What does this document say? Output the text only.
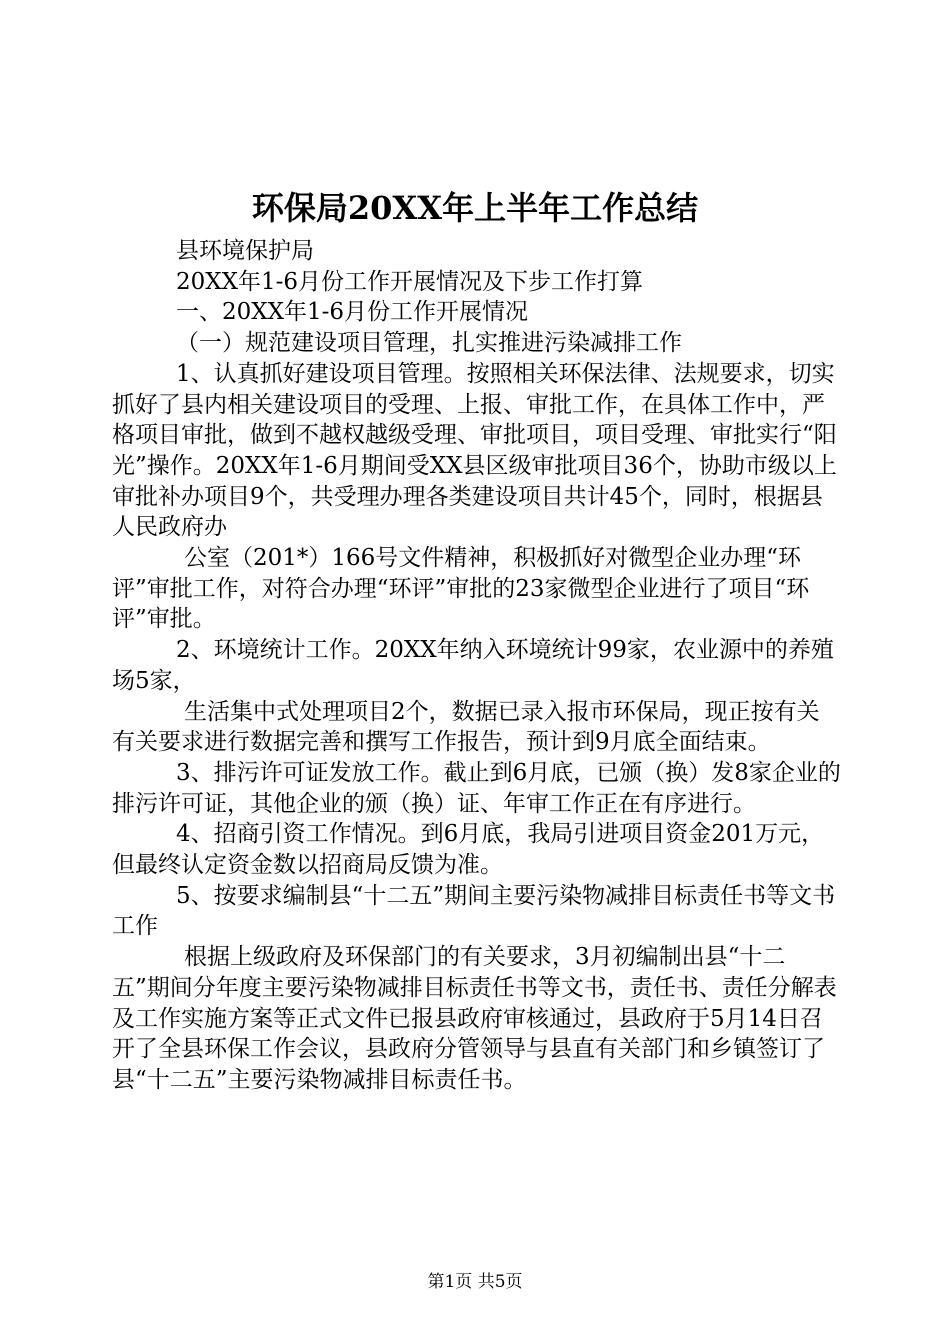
环保局20XX年上半年工作总结

县环境保护局

20XX年1-6月份工作开展情况及下步工作打算

一、20XX年1-6月份工作开展情况

（一）规范建设项目管理，扎实推进污染减排工作

1、认真抓好建设项目管理。按照相关环保法律、法规要求，切实抓好了县内相关建设项目的受理、上报、审批工作，在具体工作中，严格项目审批，做到不越权越级受理、审批项目，项目受理、审批实行“阳光”操作。20XX年1-6月期间受XX县区级审批项目36个，协助市级以上审批补办项目9个，共受理办理各类建设项目共计45个，同时，根据县人民政府办

公室（201*）166号文件精神，积极抓好对微型企业办理“环评”审批工作，对符合办理“环评”审批的23家微型企业进行了项目“环评”审批。

2、环境统计工作。20XX年纳入环境统计99家，农业源中的养殖场5家，

生活集中式处理项目2个，数据已录入报市环保局，现正按有关有关要求进行数据完善和撰写工作报告，预计到9月底全面结束。

3、排污许可证发放工作。截止到6月底，已颁（换）发8家企业的排污许可证，其他企业的颁（换）证、年审工作正在有序进行。

4、招商引资工作情况。到6月底，我局引进项目资金201万元，但最终认定资金数以招商局反馈为准。

5、按要求编制县“十二五”期间主要污染物减排目标责任书等文书工作

根据上级政府及环保部门的有关要求，3月初编制出县“十二五”期间分年度主要污染物减排目标责任书等文书，责任书、责任分解表及工作实施方案等正式文件已报县政府审核通过，县政府于5月14日召开了全县环保工作会议，县政府分管领导与县直有关部门和乡镇签订了县“十二五”主要污染物减排目标责任书。

第1页 共5页
